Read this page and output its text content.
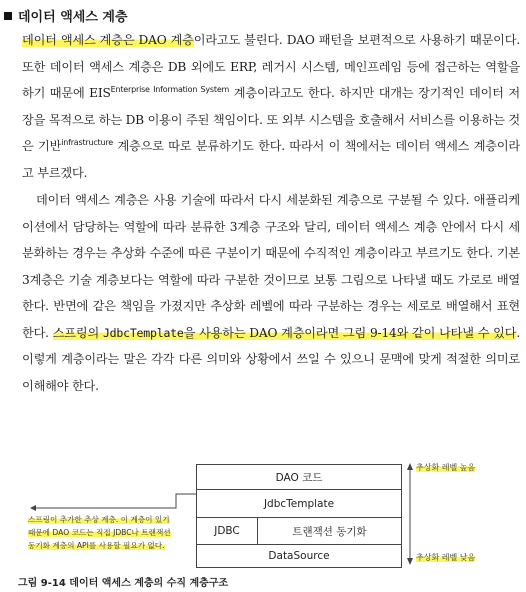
데이터 액세스 계층

데이터 액세스 계층은 DAO 계층이라고도 불린다. DAO 패턴을 보편적으로 사용하기 때문이다. 또한 데이터 액세스 계층은 DB 외에도 ERP, 레거시 시스템, 메인프레임 등에 접근하는 역할을 하기 때문에 $EIS^{Enterprise Information System}$ 계층이라고도 한다. 하지만 대개는 장기적인 데이터 저장을 목적으로 하는 DB 이용이 주된 책임이다. 또 외부 시스템을 호출해서 서비스를 이용하는 것은 기반$^{infrastructure}$ 계층으로 따로 분류하기도 한다. 따라서 이 책에서는 데이터 액세스 계층이라고 부르겠다.

데이터 액세스 계층은 사용 기술에 따라서 다시 세분화된 계층으로 구분될 수 있다. 애플리케이션에서 담당하는 역할에 따라 분류한 3계층 구조와 달리, 데이터 액세스 계층 안에서 다시 세분화하는 경우는 추상화 수준에 따른 구분이기 때문에 수직적인 계층이라고 부르기도 한다. 기본 3계층은 기술 계층보다는 역할에 따라 구분한 것이므로 보통 그림으로 나타낼 때도 가로로 배열한다. 반면에 같은 책임을 가졌지만 추상화 레벨에 따라 구분하는 경우는 세로로 배열해서 표현한다. 스프링의 JdbcTemplate을 사용하는 DAO 계층이라면 그림 9-14와 같이 나타낼 수 있다. 이렇게 계층이라는 말은 각각 다른 의미와 상황에서 쓰일 수 있으니 문맥에 맞게 적절한 의미로 이해해야 한다.

DAO 코드
JdbcTemplate
JDBC	트랜잭션 동기화
DataSource
스프링이 추가한 추상 계층. 이 계층이 있기 때문에 DAO 코드는 직접 JDBC나 트랜잭션 동기화 계층의 API를 사용할 필요가 없다.
추상화 레벨 높음
추상화 레벨 낮음
그림 9-14 데이터 액세스 계층의 수직 계층구조
